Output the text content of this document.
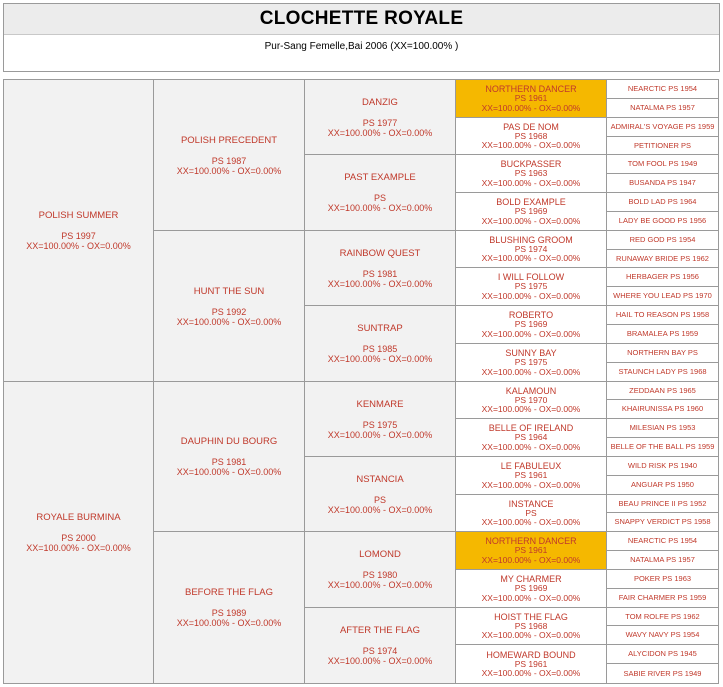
CLOCHETTE ROYALE
Pur-Sang Femelle,Bai 2006 (XX=100.00% )
POLISH SUMMER
PS 1997
XX=100.00% - OX=0.00%
ROYALE BURMINA
PS 2000
XX=100.00% - OX=0.00%
POLISH PRECEDENT
PS 1987
XX=100.00% - OX=0.00%
HUNT THE SUN
PS 1992
XX=100.00% - OX=0.00%
DAUPHIN DU BOURG
PS 1981
XX=100.00% - OX=0.00%
BEFORE THE FLAG
PS 1989
XX=100.00% - OX=0.00%
DANZIG
PS 1977
XX=100.00% - OX=0.00%
PAST EXAMPLE
PS
XX=100.00% - OX=0.00%
RAINBOW QUEST
PS 1981
XX=100.00% - OX=0.00%
SUNTRAP
PS 1985
XX=100.00% - OX=0.00%
KENMARE
PS 1975
XX=100.00% - OX=0.00%
NSTANCIA
PS
XX=100.00% - OX=0.00%
LOMOND
PS 1980
XX=100.00% - OX=0.00%
AFTER THE FLAG
PS 1974
XX=100.00% - OX=0.00%
NORTHERN DANCER
PS 1961
XX=100.00% - OX=0.00%
PAS DE NOM
PS 1968
XX=100.00% - OX=0.00%
BUCKPASSER
PS 1963
XX=100.00% - OX=0.00%
BOLD EXAMPLE
PS 1969
XX=100.00% - OX=0.00%
BLUSHING GROOM
PS 1974
XX=100.00% - OX=0.00%
I WILL FOLLOW
PS 1975
XX=100.00% - OX=0.00%
ROBERTO
PS 1969
XX=100.00% - OX=0.00%
SUNNY BAY
PS 1975
XX=100.00% - OX=0.00%
KALAMOUN
PS 1970
XX=100.00% - OX=0.00%
BELLE OF IRELAND
PS 1964
XX=100.00% - OX=0.00%
LE FABULEUX
PS 1961
XX=100.00% - OX=0.00%
INSTANCE
PS
XX=100.00% - OX=0.00%
NORTHERN DANCER
PS 1961
XX=100.00% - OX=0.00%
MY CHARMER
PS 1969
XX=100.00% - OX=0.00%
HOIST THE FLAG
PS 1968
XX=100.00% - OX=0.00%
HOMEWARD BOUND
PS 1961
XX=100.00% - OX=0.00%
NEARCTIC PS 1954
NATALMA PS 1957
ADMIRAL'S VOYAGE PS 1959
PETITIONER PS
TOM FOOL PS 1949
BUSANDA PS 1947
BOLD LAD PS 1964
LADY BE GOOD PS 1956
RED GOD PS 1954
RUNAWAY BRIDE PS 1962
HERBAGER PS 1956
WHERE YOU LEAD PS 1970
HAIL TO REASON PS 1958
BRAMALEA PS 1959
NORTHERN BAY PS
STAUNCH LADY PS 1968
ZEDDAAN PS 1965
KHAIRUNISSA PS 1960
MILESIAN PS 1953
BELLE OF THE BALL PS 1959
WILD RISK PS 1940
ANGUAR PS 1950
BEAU PRINCE II PS 1952
SNAPPY VERDICT PS 1958
NEARCTIC PS 1954
NATALMA PS 1957
POKER PS 1963
FAIR CHARMER PS 1959
TOM ROLFE PS 1962
WAVY NAVY PS 1954
ALYCIDON PS 1945
SABIE RIVER PS 1949
